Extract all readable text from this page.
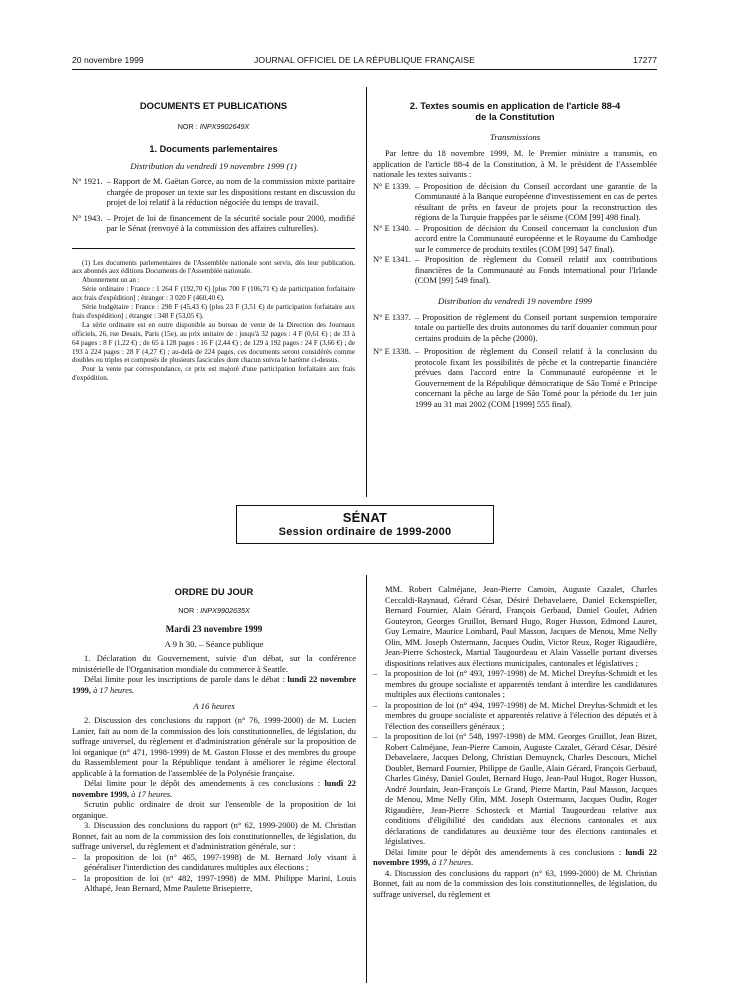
20 novembre 1999	JOURNAL OFFICIEL DE LA RÉPUBLIQUE FRANÇAISE	17277
DOCUMENTS ET PUBLICATIONS
NOR : INPX9902649X
1. Documents parlementaires
Distribution du vendredi 19 novembre 1999 (1)
N° 1921. – Rapport de M. Gaëtan Gorce, au nom de la commission mixte paritaire chargée de proposer un texte sur les dispositions restant en discussion du projet de loi relatif à la réduction négociée du temps de travail.
N° 1943. – Projet de loi de financement de la sécurité sociale pour 2000, modifié par le Sénat (renvoyé à la commission des affaires culturelles).
(1) Les documents parlementaires de l'Assemblée nationale sont servis, dès leur publication, aux abonnés aux éditions Documents de l'Assemblée nationale.
Abonnement un an :
Série ordinaire : France : 1 264 F (192,70 €) [plus 700 F (106,71 €) de participation forfaitaire aux frais d'expédition] ; étranger : 3 020 F (460,40 €).
Série budgétaire : France : 298 F (45,43 €) [plus 23 F (3,51 €) de participation forfaitaire aux frais d'expédition] ; étranger : 348 F (53,05 €).
La série ordinaire est en outre disponible au bureau de vente de la Direction des Journaux officiels, 26, rue Desaix, Paris (15e), au prix unitaire de : jusqu'à 32 pages : 4 F (0,61 €) ; de 33 à 64 pages : 8 F (1,22 €) ; de 65 à 128 pages : 16 F (2,44 €) ; de 129 à 192 pages : 24 F (3,66 €) ; de 193 à 224 pages : 28 F (4,27 €) ; au-delà de 224 pages, ces documents seront considérés comme doubles ou triples et composés de plusieurs fascicules dont chacun suivra le barème ci-dessus.
Pour la vente par correspondance, ce prix est majoré d'une participation forfaitaire aux frais d'expédition.
2. Textes soumis en application de l'article 88-4
de la Constitution
Transmissions
Par lettre du 18 novembre 1999, M. le Premier ministre a transmis, en application de l'article 88-4 de la Constitution, à M. le président de l'Assemblée nationale les textes suivants :
N° E 1339. – Proposition de décision du Conseil accordant une garantie de la Communauté à la Banque européenne d'investissement en cas de pertes résultant de prêts en faveur de projets pour la reconstruction des régions de la Turquie frappées par le séisme (COM [99] 498 final).
N° E 1340. – Proposition de décision du Conseil concernant la conclusion d'un accord entre la Communauté européenne et le Royaume du Cambodge sur le commerce de produits textiles (COM [99] 547 final).
N° E 1341. – Proposition de règlement du Conseil relatif aux contributions financières de la Communauté au Fonds international pour l'Irlande (COM [99] 549 final).
Distribution du vendredi 19 novembre 1999
N° E 1337. – Proposition de règlement du Conseil portant suspension temporaire totale ou partielle des droits autonomes du tarif douanier commun pour certains produits de la pêche (2000).
N° E 1338. – Proposition de règlement du Conseil relatif à la conclusion du protocole fixant les possibilités de pêche et la contrepartie financière prévues dans l'accord entre la Communauté européenne et le Gouvernement de la République démocratique de São Tomé e Principe concernant la pêche au large de São Tomé pour la période du 1er juin 1999 au 31 mai 2002 (COM [1999] 555 final).
SÉNAT
Session ordinaire de 1999-2000
ORDRE DU JOUR
NOR : INPX9902635X
Mardi 23 novembre 1999
A 9 h 30. – Séance publique
1. Déclaration du Gouvernement, suivie d'un débat, sur la conférence ministérielle de l'Organisation mondiale du commerce à Seattle.
Délai limite pour les inscriptions de parole dans le débat : lundi 22 novembre 1999, à 17 heures.
A 16 heures
2. Discussion des conclusions du rapport (n° 76, 1999-2000) de M. Lucien Lanier, fait au nom de la commission des lois constitutionnelles, de législation, du suffrage universel, du règlement et d'administration générale sur la proposition de loi organique (n° 471, 1998-1999) de M. Gaston Flosse et des membres du groupe du Rassemblement pour la République tendant à améliorer le régime électoral applicable à la formation de l'assemblée de la Polynésie française.
Délai limite pour le dépôt des amendements à ces conclusions : lundi 22 novembre 1999, à 17 heures.
Scrutin public ordinaire de droit sur l'ensemble de la proposition de loi organique.
3. Discussion des conclusions du rapport (n° 62, 1999-2000) de M. Christian Bonnet, fait au nom de la commission des lois constitutionnelles, de législation, du suffrage universel, du règlement et d'administration générale, sur :
– la proposition de loi (n° 465, 1997-1998) de M. Bernard Joly visant à généraliser l'interdiction des candidatures multiples aux élections ;
– la proposition de loi (n° 482, 1997-1998) de MM. Philippe Marini, Louis Althapé, Jean Bernard, Mme Paulette Brisepierre,
MM. Robert Calméjane, Jean-Pierre Camoin, Auguste Cazalet, Charles Ceccaldi-Raynaud, Gérard César, Désiré Debavelaere, Daniel Eckenspieller, Bernard Fournier, Alain Gérard, François Gerbaud, Daniel Goulet, Adrien Gouteyron, Georges Gruillot, Bernard Hugo, Roger Husson, Edmond Lauret, Guy Lemaire, Maurice Lombard, Paul Masson, Jacques de Menou, Mme Nelly Olin, MM. Joseph Ostermann, Jacques Oudin, Victor Reux, Roger Rigaudière, Jean-Pierre Schosteck, Martial Taugourdeau et Alain Vasselle portant diverses dispositions relatives aux élections municipales, cantonales et législatives ;
– la proposition de loi (n° 493, 1997-1998) de M. Michel Dreyfus-Schmidt et les membres du groupe socialiste et apparentés tendant à interdire les candidatures multiples aux élections cantonales ;
– la proposition de loi (n° 494, 1997-1998) de M. Michel Dreyfus-Schmidt et les membres du groupe socialiste et apparentés relative à l'élection des députés et à l'élection des conseillers généraux ;
– la proposition de loi (n° 548, 1997-1998) de MM. Georges Gruillot, Jean Bizet, Robert Calméjane, Jean-Pierre Camoin, Auguste Cazalet, Gérard César, Désiré Debavelaere, Jacques Delong, Christian Demuynck, Charles Descours, Michel Doublet, Bernard Fournier, Philippe de Gaulle, Alain Gérard, François Gerbaud, Charles Ginésy, Daniel Goulet, Bernard Hugo, Jean-Paul Hugot, Roger Husson, André Jourdain, Jean-François Le Grand, Pierre Martin, Paul Masson, Jacques de Menou, Mme Nelly Olin, MM. Joseph Ostermann, Jacques Oudin, Roger Rigaudière, Jean-Pierre Schosteck et Martial Taugourdeau relative aux conditions d'éligibilité des candidats aux élections cantonales et aux déclarations de candidatures au deuxième tour des élections cantonales et législatives.
Délai limite pour le dépôt des amendements à ces conclusions : lundi 22 novembre 1999, à 17 heures.
4. Discussion des conclusions du rapport (n° 63, 1999-2000) de M. Christian Bonnet, fait au nom de la commission des lois constitutionnelles, de législation, du suffrage universel, du règlement et
